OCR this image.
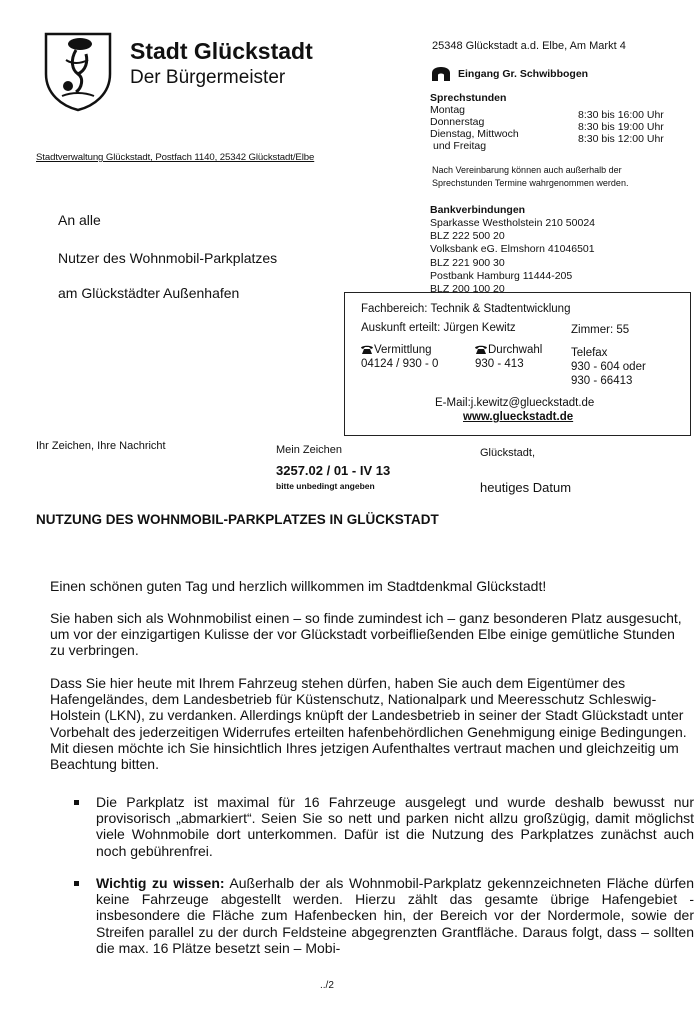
Stadt Glückstadt
Der Bürgermeister
Stadtverwaltung Glückstadt, Postfach 1140, 25342 Glückstadt/Elbe
25348 Glückstadt a.d. Elbe, Am Markt 4
Eingang Gr. Schwibbogen
Sprechstunden
Montag
Donnerstag
Dienstag, Mittwoch
und Freitag
8:30 bis 16:00 Uhr
8:30 bis 19:00 Uhr
8:30 bis 12:00 Uhr
Nach Vereinbarung können auch außerhalb der
Sprechstunden Termine wahrgenommen werden.
Bankverbindungen
Sparkasse Westholstein 210 50024
BLZ 222 500 20
Volksbank eG. Elmshorn 41046501
BLZ 221 900 30
Postbank Hamburg 11444-205
BLZ 200 100 20
An alle
Nutzer des Wohnmobil-Parkplatzes
am Glückstädter Außenhafen
Fachbereich: Technik & Stadtentwicklung
Auskunft erteilt: Jürgen Kewitz	Zimmer: 55
Vermittlung
04124 / 930 - 0
Durchwahl
930 - 413
Telefax
930 - 604 oder
930 - 66413
E-Mail:j.kewitz@glueckstadt.de
www.glueckstadt.de
Ihr Zeichen, Ihre Nachricht	Mein Zeichen
3257.02 / 01 - IV 13
bitte unbedingt angeben
Glückstadt,
heutiges Datum
NUTZUNG DES WOHNMOBIL-PARKPLATZES IN GLÜCKSTADT
Einen schönen guten Tag und herzlich willkommen im Stadtdenkmal Glückstadt!
Sie haben sich als Wohnmobilist einen – so finde zumindest ich – ganz besonderen Platz ausgesucht, um vor der einzigartigen Kulisse der vor Glückstadt vorbeifließenden Elbe einige gemütliche Stunden zu verbringen.
Dass Sie hier heute mit Ihrem Fahrzeug stehen dürfen, haben Sie auch dem Eigentümer des Hafengeländes, dem Landesbetrieb für Küstenschutz, Nationalpark und Meeresschutz Schleswig-Holstein (LKN), zu verdanken. Allerdings knüpft der Landesbetrieb in seiner der Stadt Glückstadt unter Vorbehalt des jederzeitigen Widerrufes erteilten hafenbehördlichen Genehmigung einige Bedingungen. Mit diesen möchte ich Sie hinsichtlich Ihres jetzigen Aufenthaltes vertraut machen und gleichzeitig um Beachtung bitten.
Die Parkplatz ist maximal für 16 Fahrzeuge ausgelegt und wurde deshalb bewusst nur provisorisch „abmarkiert“. Seien Sie so nett und parken nicht allzu großzügig, damit möglichst viele Wohnmobile dort unterkommen. Dafür ist die Nutzung des Parkplatzes zunächst auch noch gebührenfrei.
Wichtig zu wissen: Außerhalb der als Wohnmobil-Parkplatz gekennzeichneten Fläche dürfen keine Fahrzeuge abgestellt werden. Hierzu zählt das gesamte übrige Hafengebiet - insbesondere die Fläche zum Hafenbecken hin, der Bereich vor der Nordermole, sowie der Streifen parallel zu der durch Feldsteine abgegrenzten Grantfläche. Daraus folgt, dass – sollten die max. 16 Plätze besetzt sein – Mobi-
../2
